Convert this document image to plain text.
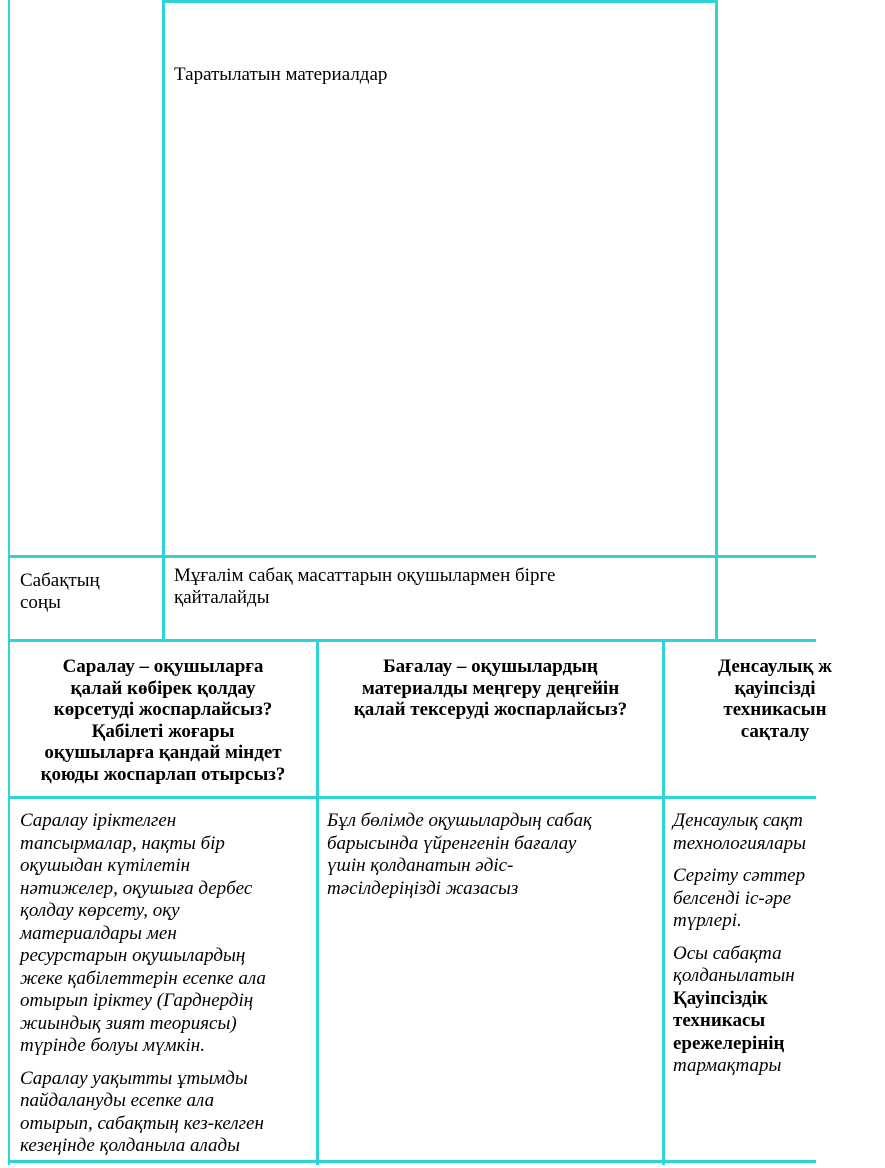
Таратылатын материалдар
Сабақтың
соңы
Мұғалім сабақ масаттарын оқушылармен бірге
қайталайды
Саралау – оқушыларға
қалай көбірек қолдау
көрсетуді жоспарлайсыз?
Қабілеті жоғары
оқушыларға қандай міндет
қоюды жоспарлап отырсыз?
Бағалау – оқушылардың
материалды меңгеру деңгейін
қалай тексеруді жоспарлайсыз?
Денсаулық ж
қауіпсіздi
техникасын
сақталу
Саралау іріктелген
тапсырмалар, нақты бір
оқушыдан күтілетін
нәтижелер, оқушыға дербес
қолдау көрсету, оқу
материалдары мен
ресурстарын оқушылардың
жеке қабілеттерін есепке ала
отырып іріктеу (Гарднердің
жиындық зият теориясы)
түрінде болуы мүмкін.
Саралау уақытты ұтымды
пайдалануды есепке ала
отырып, сабақтың кез-келген
кезеңінде қолданыла алады
Бұл бөлімде оқушылардың сабақ
барысында үйренгенін бағалау
үшін қолданатын әдіс-
тәсілдеріңізді жазасыз
Денсаулық сақт
технологиялары
Сергіту сәттер
белсенді іс-әре
түрлері.
Осы сабақта
қолданылатын
Қауіпсіздік
техникасы
ережелерінің
тармақтары
